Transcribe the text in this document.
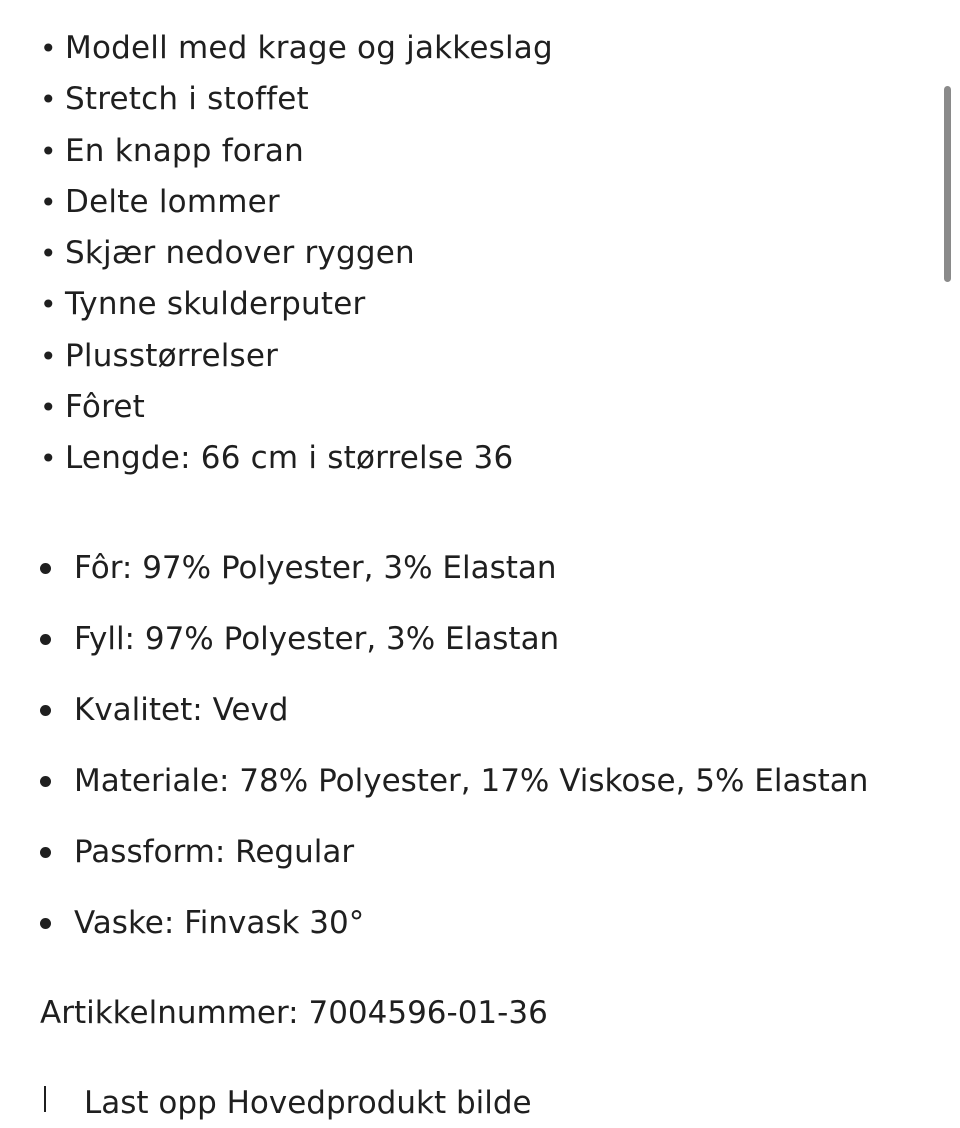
• Modell med krage og jakkeslag
• Stretch i stoffet
• En knapp foran
• Delte lommer
• Skjær nedover ryggen
• Tynne skulderputer
• Plusstørrelser
• Fôret
• Lengde: 66 cm i størrelse 36
Fôr: 97% Polyester, 3% Elastan
Fyll: 97% Polyester, 3% Elastan
Kvalitet: Vevd
Materiale: 78% Polyester, 17% Viskose, 5% Elastan
Passform: Regular
Vaske: Finvask 30°
Artikkelnummer: 7004596-01-36
Last opp Hovedprodukt bilde
